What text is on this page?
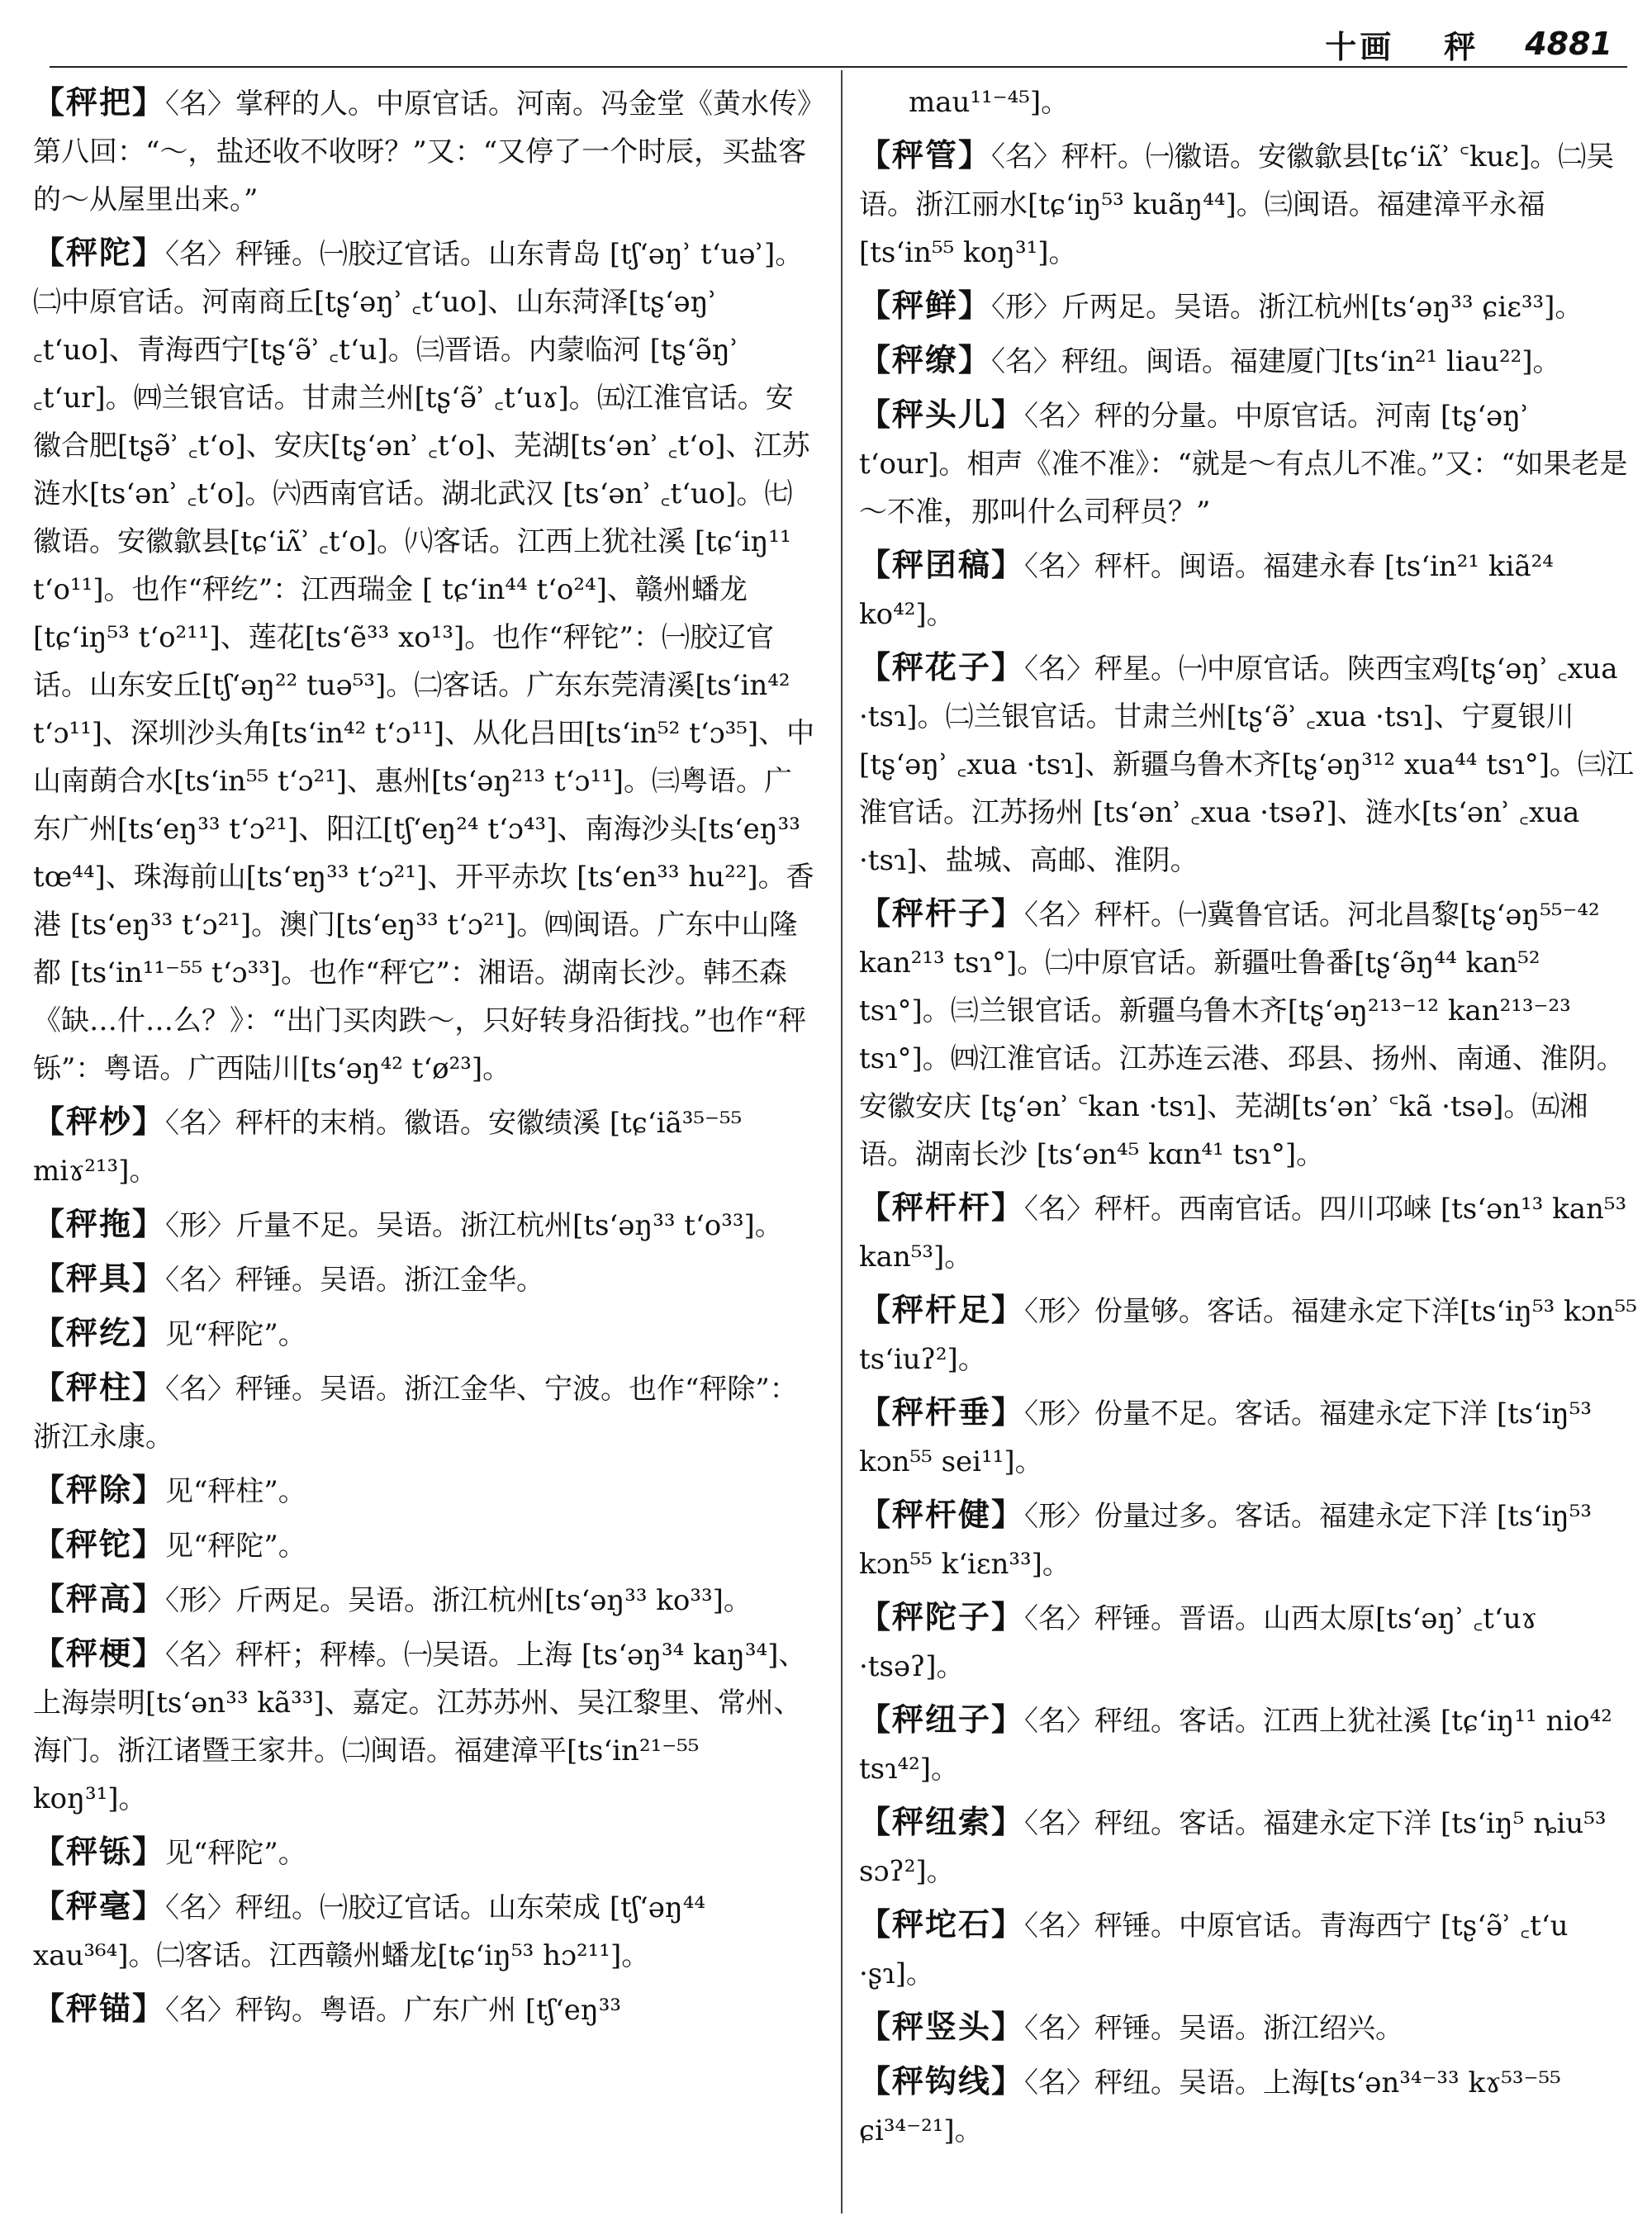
十画 秤 4881
【秤把】〈名〉掌秤的人。中原官话。河南。冯金堂《黄水传》第八回：“～，盐还收不收呀？”又：“又停了一个时辰，买盐客的～从屋里出来。”
【秤陀】〈名〉秤锤。㈠胶辽官话。山东青岛 [tʃ‘əŋʾ t‘uəʾ]。㈡中原官话。河南商丘[tʂ‘əŋʾ ꜀t‘uo]、山东菏泽[tʂ‘əŋʾ ꜀t‘uo]、青海西宁[tʂ‘ə̃ʾ ꜀t‘u]。㈢晋语。内蒙临河 [tʂ‘ə̃ŋʾ ꜀t‘ur]。㈣兰银官话。甘肃兰州[tʂ‘ə̃ʾ ꜀t‘uɤ]。㈤江淮官话。安徽合肥[tʂə̃ʾ ꜀t‘o]、安庆[tʂ‘ənʾ ꜀t‘o]、芜湖[ts‘ənʾ ꜀t‘o]、江苏涟水[ts‘ənʾ ꜀t‘o]。㈥西南官话。湖北武汉 [ts‘ənʾ ꜀t‘uo]。㈦徽语。安徽歙县[tɕ‘iʌ̃ʾ ꜀t‘o]。㈧客话。江西上犹社溪 [tɕ‘iŋ¹¹ t‘o¹¹]。也作“秤纥”：江西瑞金 [ tɕ‘in⁴⁴ t‘o²⁴]、赣州蟠龙[tɕ‘iŋ⁵³ t‘o²¹¹]、莲花[ts‘ẽ³³ xo¹³]。也作“秤铊”：㈠胶辽官话。山东安丘[tʃ‘əŋ²² tuə⁵³]。㈡客话。广东东莞清溪[ts‘in⁴² t‘ɔ¹¹]、深圳沙头角[ts‘in⁴² t‘ɔ¹¹]、从化吕田[ts‘in⁵² t‘ɔ³⁵]、中山南蓢合水[ts‘in⁵⁵ t‘ɔ²¹]、惠州[ts‘əŋ²¹³ t‘ɔ¹¹]。㈢粤语。广东广州[ts‘eŋ³³ t‘ɔ²¹]、阳江[tʃ‘eŋ²⁴ t‘ɔ⁴³]、南海沙头[ts‘eŋ³³ tœ⁴⁴]、珠海前山[ts‘ɐŋ³³ t‘ɔ²¹]、开平赤坎 [ts‘en³³ hu²²]。香港 [ts‘eŋ³³ t‘ɔ²¹]。澳门[ts‘eŋ³³ t‘ɔ²¹]。㈣闽语。广东中山隆都 [ts‘in¹¹⁻⁵⁵ t‘ɔ³³]。也作“秤它”：湘语。湖南长沙。韩丕森《缺…什…么？》：“出门买肉跌～，只好转身沿街找。”也作“秤铄”：粤语。广西陆川[ts‘əŋ⁴² t‘ø²³]。
【秤杪】〈名〉秤杆的末梢。徽语。安徽绩溪 [tɕ‘iã³⁵⁻⁵⁵ miɤ²¹³]。
【秤拖】〈形〉斤量不足。吴语。浙江杭州[ts‘əŋ³³ t‘o³³]。
【秤具】〈名〉秤锤。吴语。浙江金华。
【秤纥】见“秤陀”。
【秤柱】〈名〉秤锤。吴语。浙江金华、宁波。也作“秤除”：浙江永康。
【秤除】见“秤柱”。
【秤铊】见“秤陀”。
【秤高】〈形〉斤两足。吴语。浙江杭州[ts‘əŋ³³ ko³³]。
【秤梗】〈名〉秤杆；秤棒。㈠吴语。上海 [ts‘əŋ³⁴ kaŋ³⁴]、上海崇明[ts‘ən³³ kã³³]、嘉定。江苏苏州、吴江黎里、常州、海门。浙江诸暨王家井。㈡闽语。福建漳平[ts‘in²¹⁻⁵⁵ koŋ³¹]。
【秤铄】见“秤陀”。
【秤毫】〈名〉秤纽。㈠胶辽官话。山东荣成 [tʃ‘əŋ⁴⁴ xau³⁶⁴]。㈡客话。江西赣州蟠龙[tɕ‘iŋ⁵³ hɔ²¹¹]。
【秤锚】〈名〉秤钩。粤语。广东广州 [tʃ‘eŋ³³
mau¹¹⁻⁴⁵]。
【秤管】〈名〉秤杆。㈠徽语。安徽歙县[tɕ‘iʌ̃ʾ ꜂kuɛ]。㈡吴语。浙江丽水[tɕ‘iŋ⁵³ kuãŋ⁴⁴]。㈢闽语。福建漳平永福[ts‘in⁵⁵ koŋ³¹]。
【秤鲜】〈形〉斤两足。吴语。浙江杭州[ts‘əŋ³³ ɕiɛ³³]。
【秤缭】〈名〉秤纽。闽语。福建厦门[ts‘in²¹ liau²²]。
【秤头儿】〈名〉秤的分量。中原官话。河南 [tʂ‘əŋʾ t‘our]。相声《准不准》：“就是～有点儿不准。”又：“如果老是～不准，那叫什么司秤员？”
【秤囝稿】〈名〉秤杆。闽语。福建永春 [ts‘in²¹ kiã²⁴ ko⁴²]。
【秤花子】〈名〉秤星。㈠中原官话。陕西宝鸡[tʂ‘əŋʾ ꜀xua ·tsɿ]。㈡兰银官话。甘肃兰州[tʂ‘ə̃ʾ ꜀xua ·tsɿ]、宁夏银川[tʂ‘əŋʾ ꜀xua ·tsɿ]、新疆乌鲁木齐[tʂ‘əŋ³¹² xua⁴⁴ tsɿ°]。㈢江淮官话。江苏扬州 [ts‘ənʾ ꜀xua ·tsəʔ]、涟水[ts‘ənʾ ꜀xua ·tsɿ]、盐城、高邮、淮阴。
【秤杆子】〈名〉秤杆。㈠冀鲁官话。河北昌黎[tʂ‘əŋ⁵⁵⁻⁴² kan²¹³ tsɿ°]。㈡中原官话。新疆吐鲁番[tʂ‘ə̃ŋ⁴⁴ kan⁵² tsɿ°]。㈢兰银官话。新疆乌鲁木齐[tʂ‘əŋ²¹³⁻¹² kan²¹³⁻²³ tsɿ°]。㈣江淮官话。江苏连云港、邳县、扬州、南通、淮阴。安徽安庆 [tʂ‘ənʾ ꜂kan ·tsɿ]、芜湖[ts‘ənʾ ꜂kã ·tsə]。㈤湘语。湖南长沙 [ts‘ən⁴⁵ kɑn⁴¹ tsɿ°]。
【秤杆杆】〈名〉秤杆。西南官话。四川邛崃 [ts‘ən¹³ kan⁵³ kan⁵³]。
【秤杆足】〈形〉份量够。客话。福建永定下洋[ts‘iŋ⁵³ kɔn⁵⁵ ts‘iuʔ²]。
【秤杆垂】〈形〉份量不足。客话。福建永定下洋 [ts‘iŋ⁵³ kɔn⁵⁵ sei¹¹]。
【秤杆健】〈形〉份量过多。客话。福建永定下洋 [ts‘iŋ⁵³ kɔn⁵⁵ k‘iɛn³³]。
【秤陀子】〈名〉秤锤。晋语。山西太原[ts‘əŋʾ ꜀t‘uɤ ·tsəʔ]。
【秤纽子】〈名〉秤纽。客话。江西上犹社溪 [tɕ‘iŋ¹¹ nio⁴² tsɿ⁴²]。
【秤纽索】〈名〉秤纽。客话。福建永定下洋 [ts‘iŋ⁵ ȵiu⁵³ sɔʔ²]。
【秤坨石】〈名〉秤锤。中原官话。青海西宁 [tʂ‘ə̃ʾ ꜀t‘u ·ʂɿ]。
【秤竖头】〈名〉秤锤。吴语。浙江绍兴。
【秤钩线】〈名〉秤纽。吴语。上海[ts‘ən³⁴⁻³³ kɤ⁵³⁻⁵⁵ ɕi³⁴⁻²¹]。
